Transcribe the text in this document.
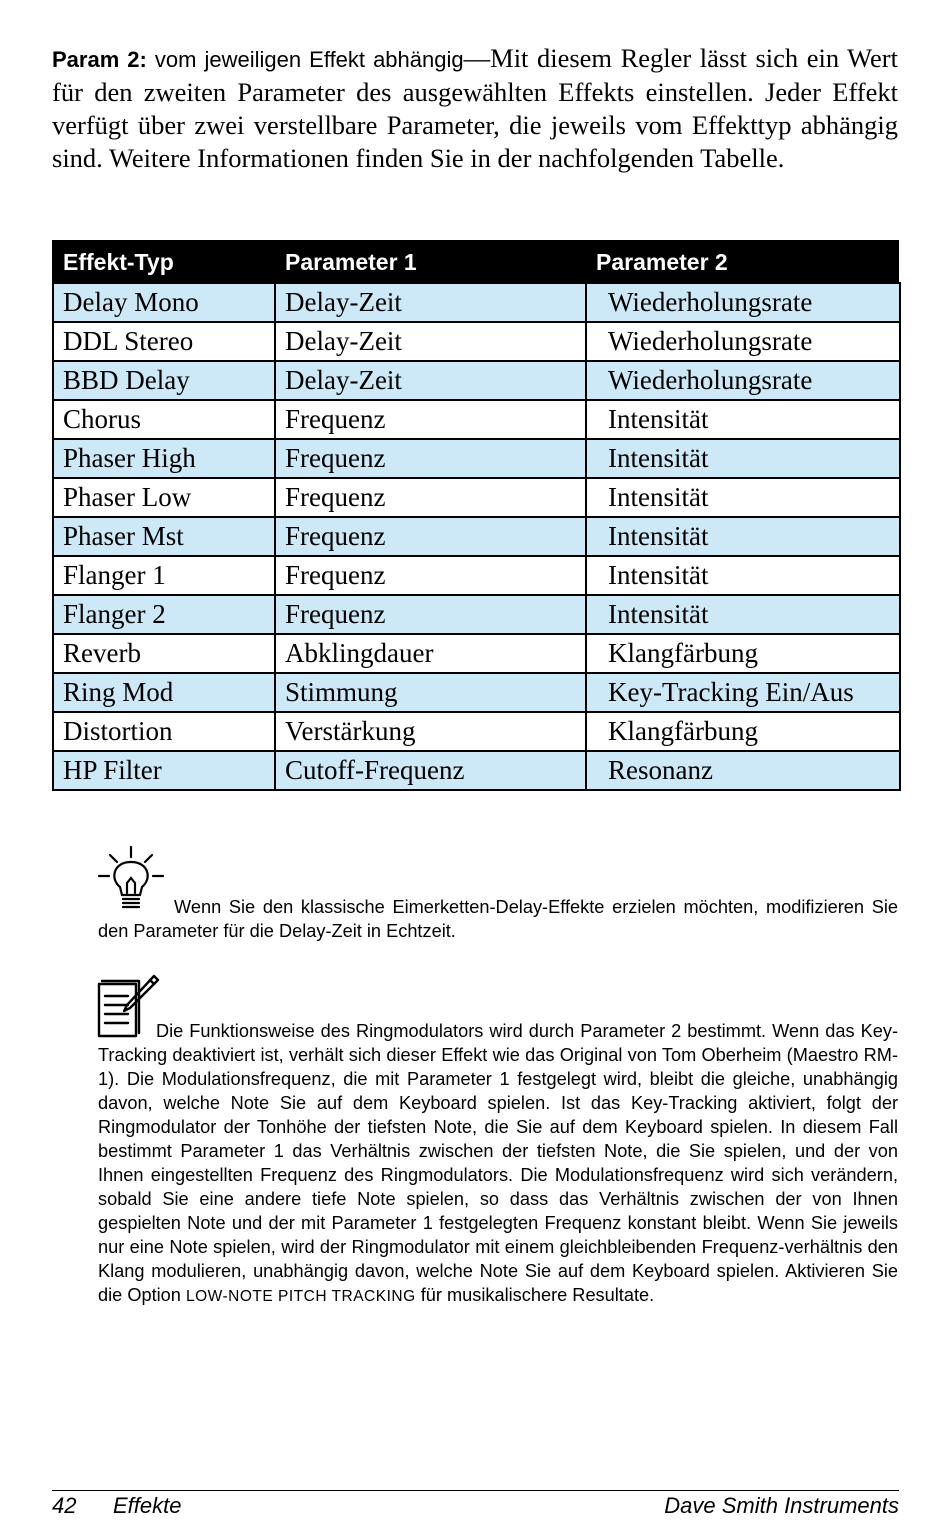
Param 2: vom jeweiligen Effekt abhängig—Mit diesem Regler lässt sich ein Wert für den zweiten Parameter des ausgewählten Effekts einstellen. Jeder Effekt verfügt über zwei verstellbare Parameter, die jeweils vom Effekttyp abhängig sind. Weitere Informationen finden Sie in der nachfolgenden Tabelle.
Effekt-Typ	Parameter 1	Parameter 2
Delay Mono	Delay-Zeit	Wiederholungsrate
DDL Stereo	Delay-Zeit	Wiederholungsrate
BBD Delay	Delay-Zeit	Wiederholungsrate
Chorus	Frequenz	Intensität
Phaser High	Frequenz	Intensität
Phaser Low	Frequenz	Intensität
Phaser Mst	Frequenz	Intensität
Flanger 1	Frequenz	Intensität
Flanger 2	Frequenz	Intensität
Reverb	Abklingdauer	Klangfärbung
Ring Mod	Stimmung	Key-Tracking Ein/Aus
Distortion	Verstärkung	Klangfärbung
HP Filter	Cutoff-Frequenz	Resonanz
Wenn Sie den klassische Eimerketten-Delay-Effekte erzielen möchten, modifizieren Sie den Parameter für die Delay-Zeit in Echtzeit.
Die Funktionsweise des Ringmodulators wird durch Parameter 2 bestimmt. Wenn das Key-Tracking deaktiviert ist, verhält sich dieser Effekt wie das Original von Tom Oberheim (Maestro RM-1). Die Modulationsfrequenz, die mit Parameter 1 festgelegt wird, bleibt die gleiche, unabhängig davon, welche Note Sie auf dem Keyboard spielen. Ist das Key-Tracking aktiviert, folgt der Ringmodulator der Tonhöhe der tiefsten Note, die Sie auf dem Keyboard spielen. In diesem Fall bestimmt Parameter 1 das Verhältnis zwischen der tiefsten Note, die Sie spielen, und der von Ihnen eingestellten Frequenz des Ringmodulators. Die Modulationsfrequenz wird sich verändern, sobald Sie eine andere tiefe Note spielen, so dass das Verhältnis zwischen der von Ihnen gespielten Note und der mit Parameter 1 festgelegten Frequenz konstant bleibt. Wenn Sie jeweils nur eine Note spielen, wird der Ringmodulator mit einem gleichbleibenden Frequenz-verhältnis den Klang modulieren, unabhängig davon, welche Note Sie auf dem Keyboard spielen. Aktivieren Sie die Option LOW-NOTE PITCH TRACKING für musikalischere Resultate.
42 Effekte	Dave Smith Instruments
